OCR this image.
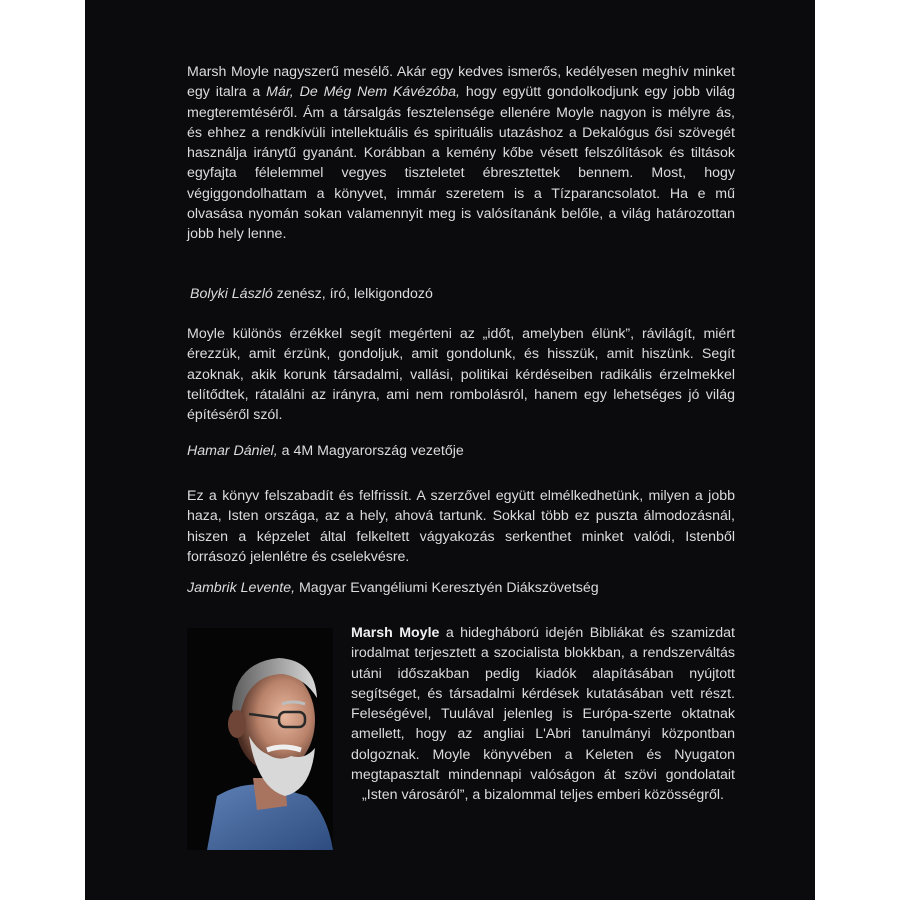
Marsh Moyle nagyszerű mesélő. Akár egy kedves ismerős, kedélyesen meghív minket egy italra a Már, De Még Nem Kávézóba, hogy együtt gondolkodjunk egy jobb világ megteremtéséről. Ám a társalgás fesztelensége ellenére Moyle nagyon is mélyre ás, és ehhez a rendkívüli intellektuális és spirituális utazáshoz a Dekalógus ősi szövegét használja iránytű gyanánt. Korábban a kemény kőbe vésett felszólítások és tiltások egyfajta félelemmel vegyes tiszteletet ébresztettek bennem. Most, hogy végiggondolhattam a könyvet, immár szeretem is a Tízparancsolatot. Ha e mű olvasása nyomán sokan valamennyit meg is valósítanánk belőle, a világ határozottan jobb hely lenne.

Bolyki László zenész, író, lelkigondozó

Moyle különös érzékkel segít megérteni az „időt, amelyben élünk”, rávilágít, miért érezzük, amit érzünk, gondoljuk, amit gondolunk, és hisszük, amit hiszünk. Segít azoknak, akik korunk társadalmi, vallási, politikai kérdéseiben radikális érzelmekkel telítődtek, rátalálni az irányra, ami nem rombolásról, hanem egy lehetséges jó világ építéséről szól.

Hamar Dániel, a 4M Magyarország vezetője

Ez a könyv felszabadít és felfrissít. A szerzővel együtt elmélkedhetünk, milyen a jobb haza, Isten országa, az a hely, ahová tartunk. Sokkal több ez puszta álmodozásnál, hiszen a képzelet által felkeltett vágyakozás serkenthet minket valódi, Istenből forrásozó jelenlétre és cselekvésre.

Jambrik Levente, Magyar Evangéliumi Keresztyén Diákszövetség
Marsh Moyle a hidegháború idején Bibliákat és szamizdat irodalmat terjesztett a szocialista blokkban, a rendszerváltás utáni időszakban pedig kiadók alapításában nyújtott segítséget, és társadalmi kérdések kutatásában vett részt. Feleségével, Tuulával jelenleg is Európa-szerte oktatnak amellett, hogy az angliai L'Abri tanulmányi központban dolgoznak. Moyle könyvében a Keleten és Nyugaton megtapasztalt mindennapi valóságon át szövi gondolatait „Isten városáról”, a bizalommal teljes emberi közösségről.
